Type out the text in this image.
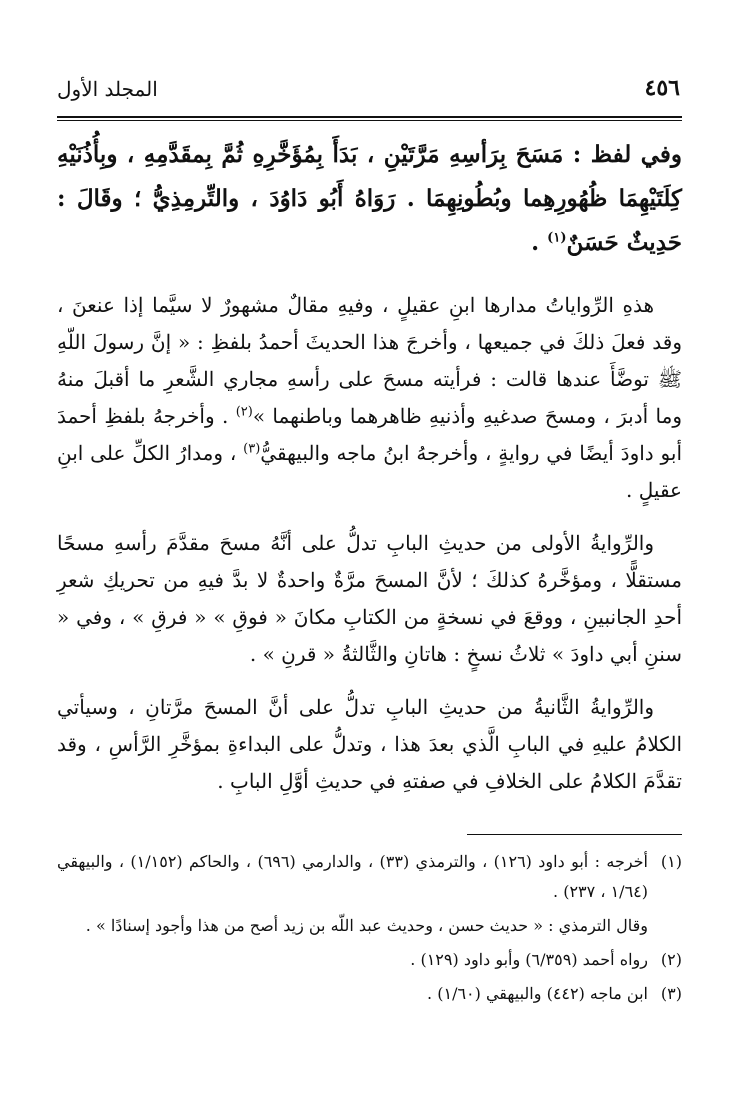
٤٥٦
المجلد الأول

وفي لفظ : مَسَحَ بِرَأسِهِ مَرَّتَيْنِ ، بَدَأَ بِمُؤَخَّرِهِ ثُمَّ بِمقَدَّمِهِ ، وبِأُذُنَيْهِ كِلَتَيْهِمَا ظُهُورِهِما وبُطُونِهِمَا . رَوَاهُ أَبُو دَاوُدَ ، والتِّرمِذِيُّ ؛ وقَالَ : حَدِيثٌ حَسَنٌ$^{(١)}$ .

هذهِ الرِّواياتُ مدارها ابنِ عقيلٍ ، وفيهِ مقالٌ مشهورٌ لا سيَّما إذا عنعنَ ، وقد فعلَ ذلكَ في جميعها ، وأخرجَ هذا الحديثَ أحمدُ بلفظِ : « إنَّ رسولَ اللّهِ ﷺ توضَّأَ عندها قالت : فرأيته مسحَ على رأسهِ مجاري الشَّعرِ ما أقبلَ منهُ وما أدبرَ ، ومسحَ صدغيهِ وأذنيهِ ظاهرهما وباطنهما »$^{(٢)}$ . وأخرجهُ بلفظِ أحمدَ أبو داودَ أيضًا في روايةٍ ، وأخرجهُ ابنُ ماجه والبيهقيُّ$^{(٣)}$ ، ومدارُ الكلِّ على ابنِ عقيلٍ .

والرِّوايةُ الأولى من حديثِ البابِ تدلُّ على أنَّهُ مسحَ مقدَّمَ رأسهِ مسحًا مستقلًّا ، ومؤخَّرهُ كذلكَ ؛ لأنَّ المسحَ مرَّةٌ واحدةٌ لا بدَّ فيهِ من تحريكِ شعرِ أحدِ الجانبينِ ، ووقعَ في نسخةٍ من الكتابِ مكانَ « فوقِ » « فرقِ » ، وفي « سننِ أبي داودَ » ثلاثُ نسخٍ : هاتانِ والثَّالثةُ « قرنِ » .

والرِّوايةُ الثَّانيةُ من حديثِ البابِ تدلُّ على أنَّ المسحَ مرَّتانِ ، وسيأتي الكلامُ عليهِ في البابِ الَّذي بعدَ هذا ، وتدلُّ على البداءةِ بمؤخَّرِ الرَّأسِ ، وقد تقدَّمَ الكلامُ على الخلافِ في صفتهِ في حديثِ أوَّلِ البابِ .

(١)أخرجه : أبو داود (١٢٦) ، والترمذي (٣٣) ، والدارمي (٦٩٦) ، والحاكم (١/١٥٢) ، والبيهقي (١/٦٤ ، ٢٣٧) .

وقال الترمذي : « حديث حسن ، وحديث عبد اللّه بن زيد أصح من هذا وأجود إسنادًا » .

(٢)رواه أحمد (٦/٣٥٩) وأبو داود (١٢٩) .

(٣)ابن ماجه (٤٤٢) والبيهقي (١/٦٠) .
